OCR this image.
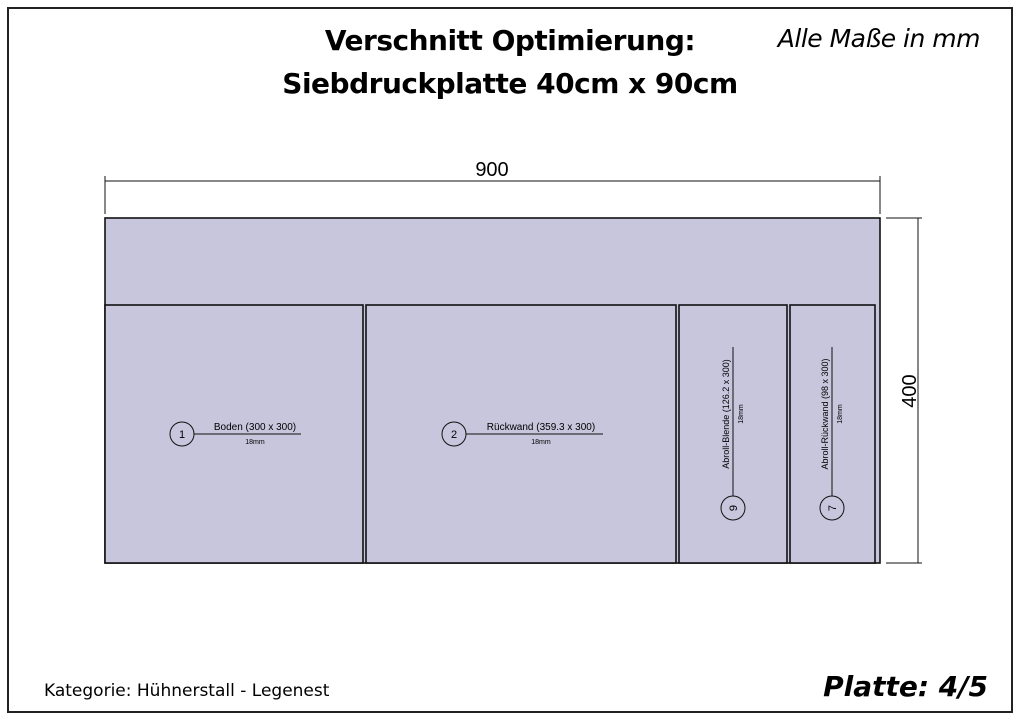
Verschnitt Optimierung:
Siebdruckplatte 40cm x 90cm
Alle Maße in mm
900
400
1
Boden (300 x 300)
18mm
2
Rückwand (359.3 x 300)
18mm
9
Abroll-Blende (126.2 x 300) 18mm
7
Abroll-Rückwand (98 x 300) 18mm
Kategorie: Hühnerstall - Legenest	Platte: 4/5
